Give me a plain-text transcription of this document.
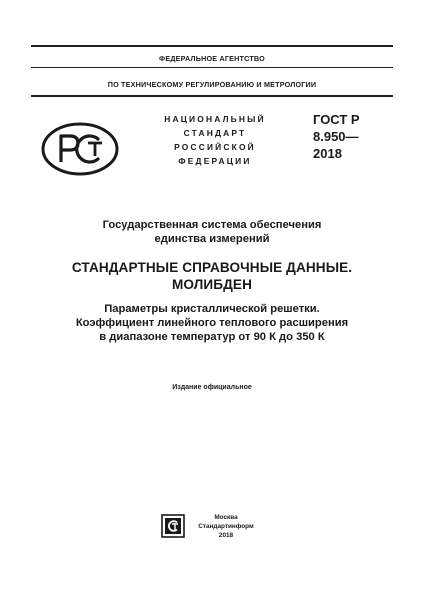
ФЕДЕРАЛЬНОЕ АГЕНТСТВО
ПО ТЕХНИЧЕСКОМУ РЕГУЛИРОВАНИЮ И МЕТРОЛОГИИ
НАЦИОНАЛЬНЫЙ
СТАНДАРТ
РОССИЙСКОЙ
ФЕДЕРАЦИИ
ГОСТ Р
8.950—
2018
Государственная система обеспечения
единства измерений
СТАНДАРТНЫЕ СПРАВОЧНЫЕ ДАННЫЕ.
МОЛИБДЕН
Параметры кристаллической решетки.
Коэффициент линейного теплового расширения
в диапазоне температур от 90 К до 350 К
Издание официальное
Москва
Стандартинформ
2018
